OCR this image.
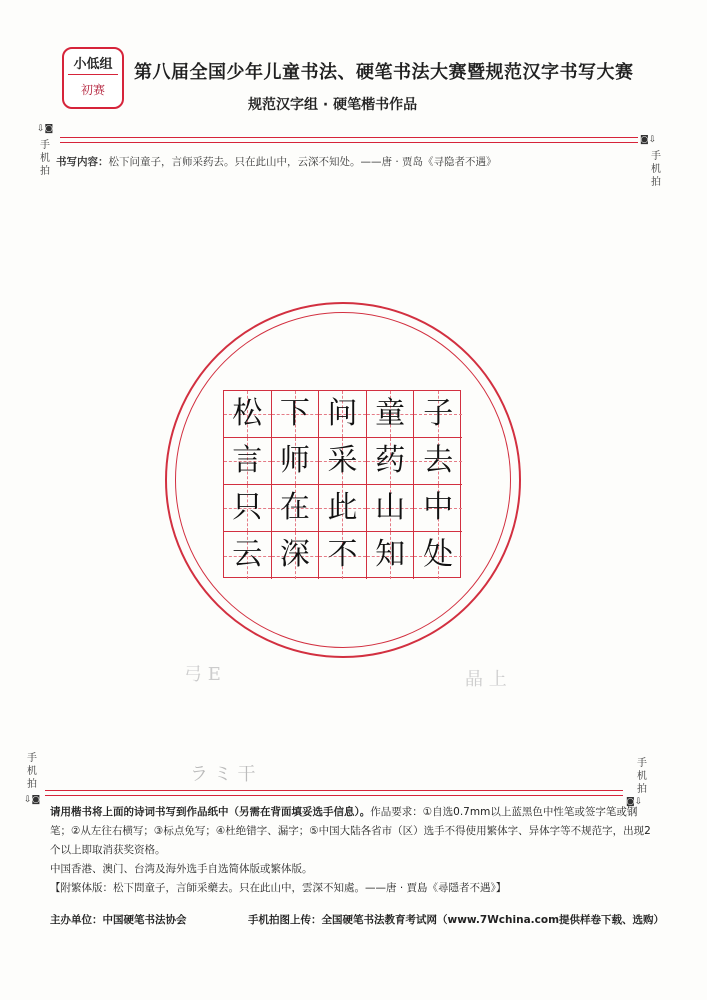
小低组
初赛
第八届全国少年儿童书法、硬笔书法大赛暨规范汉字书写大赛
规范汉字组 · 硬笔楷书作品
⇩◙
手
机
拍
◙⇩
手
机
拍
书写内容：松下问童子，言师采药去。只在此山中，云深不知处。——唐 · 贾岛《寻隐者不遇》
松 下 问 童 子
言 师 采 药 去
只 在 此 山 中
云 深 不 知 处
弓 E	晶 上
ラ ミ 干
手
机
拍
⇩◙
手
机
拍
◙⇩
请用楷书将上面的诗词书写到作品纸中（另需在背面填妥选手信息）。作品要求：①自选0.7mm以上蓝黑色中性笔或签字笔或钢笔；②从左往右横写；③标点免写；④杜绝错字、漏字；⑤中国大陆各省市（区）选手不得使用繁体字、异体字等不规范字，出现2个以上即取消获奖资格。
中国香港、澳门、台湾及海外选手自选简体版或繁体版。
【附繁体版：松下問童子，言師采藥去。只在此山中，雲深不知處。——唐 · 賈島《尋隱者不遇》】
主办单位：中国硬笔书法协会	手机拍图上传：全国硬笔书法教育考试网（www.7Wchina.com提供样卷下载、选购）
